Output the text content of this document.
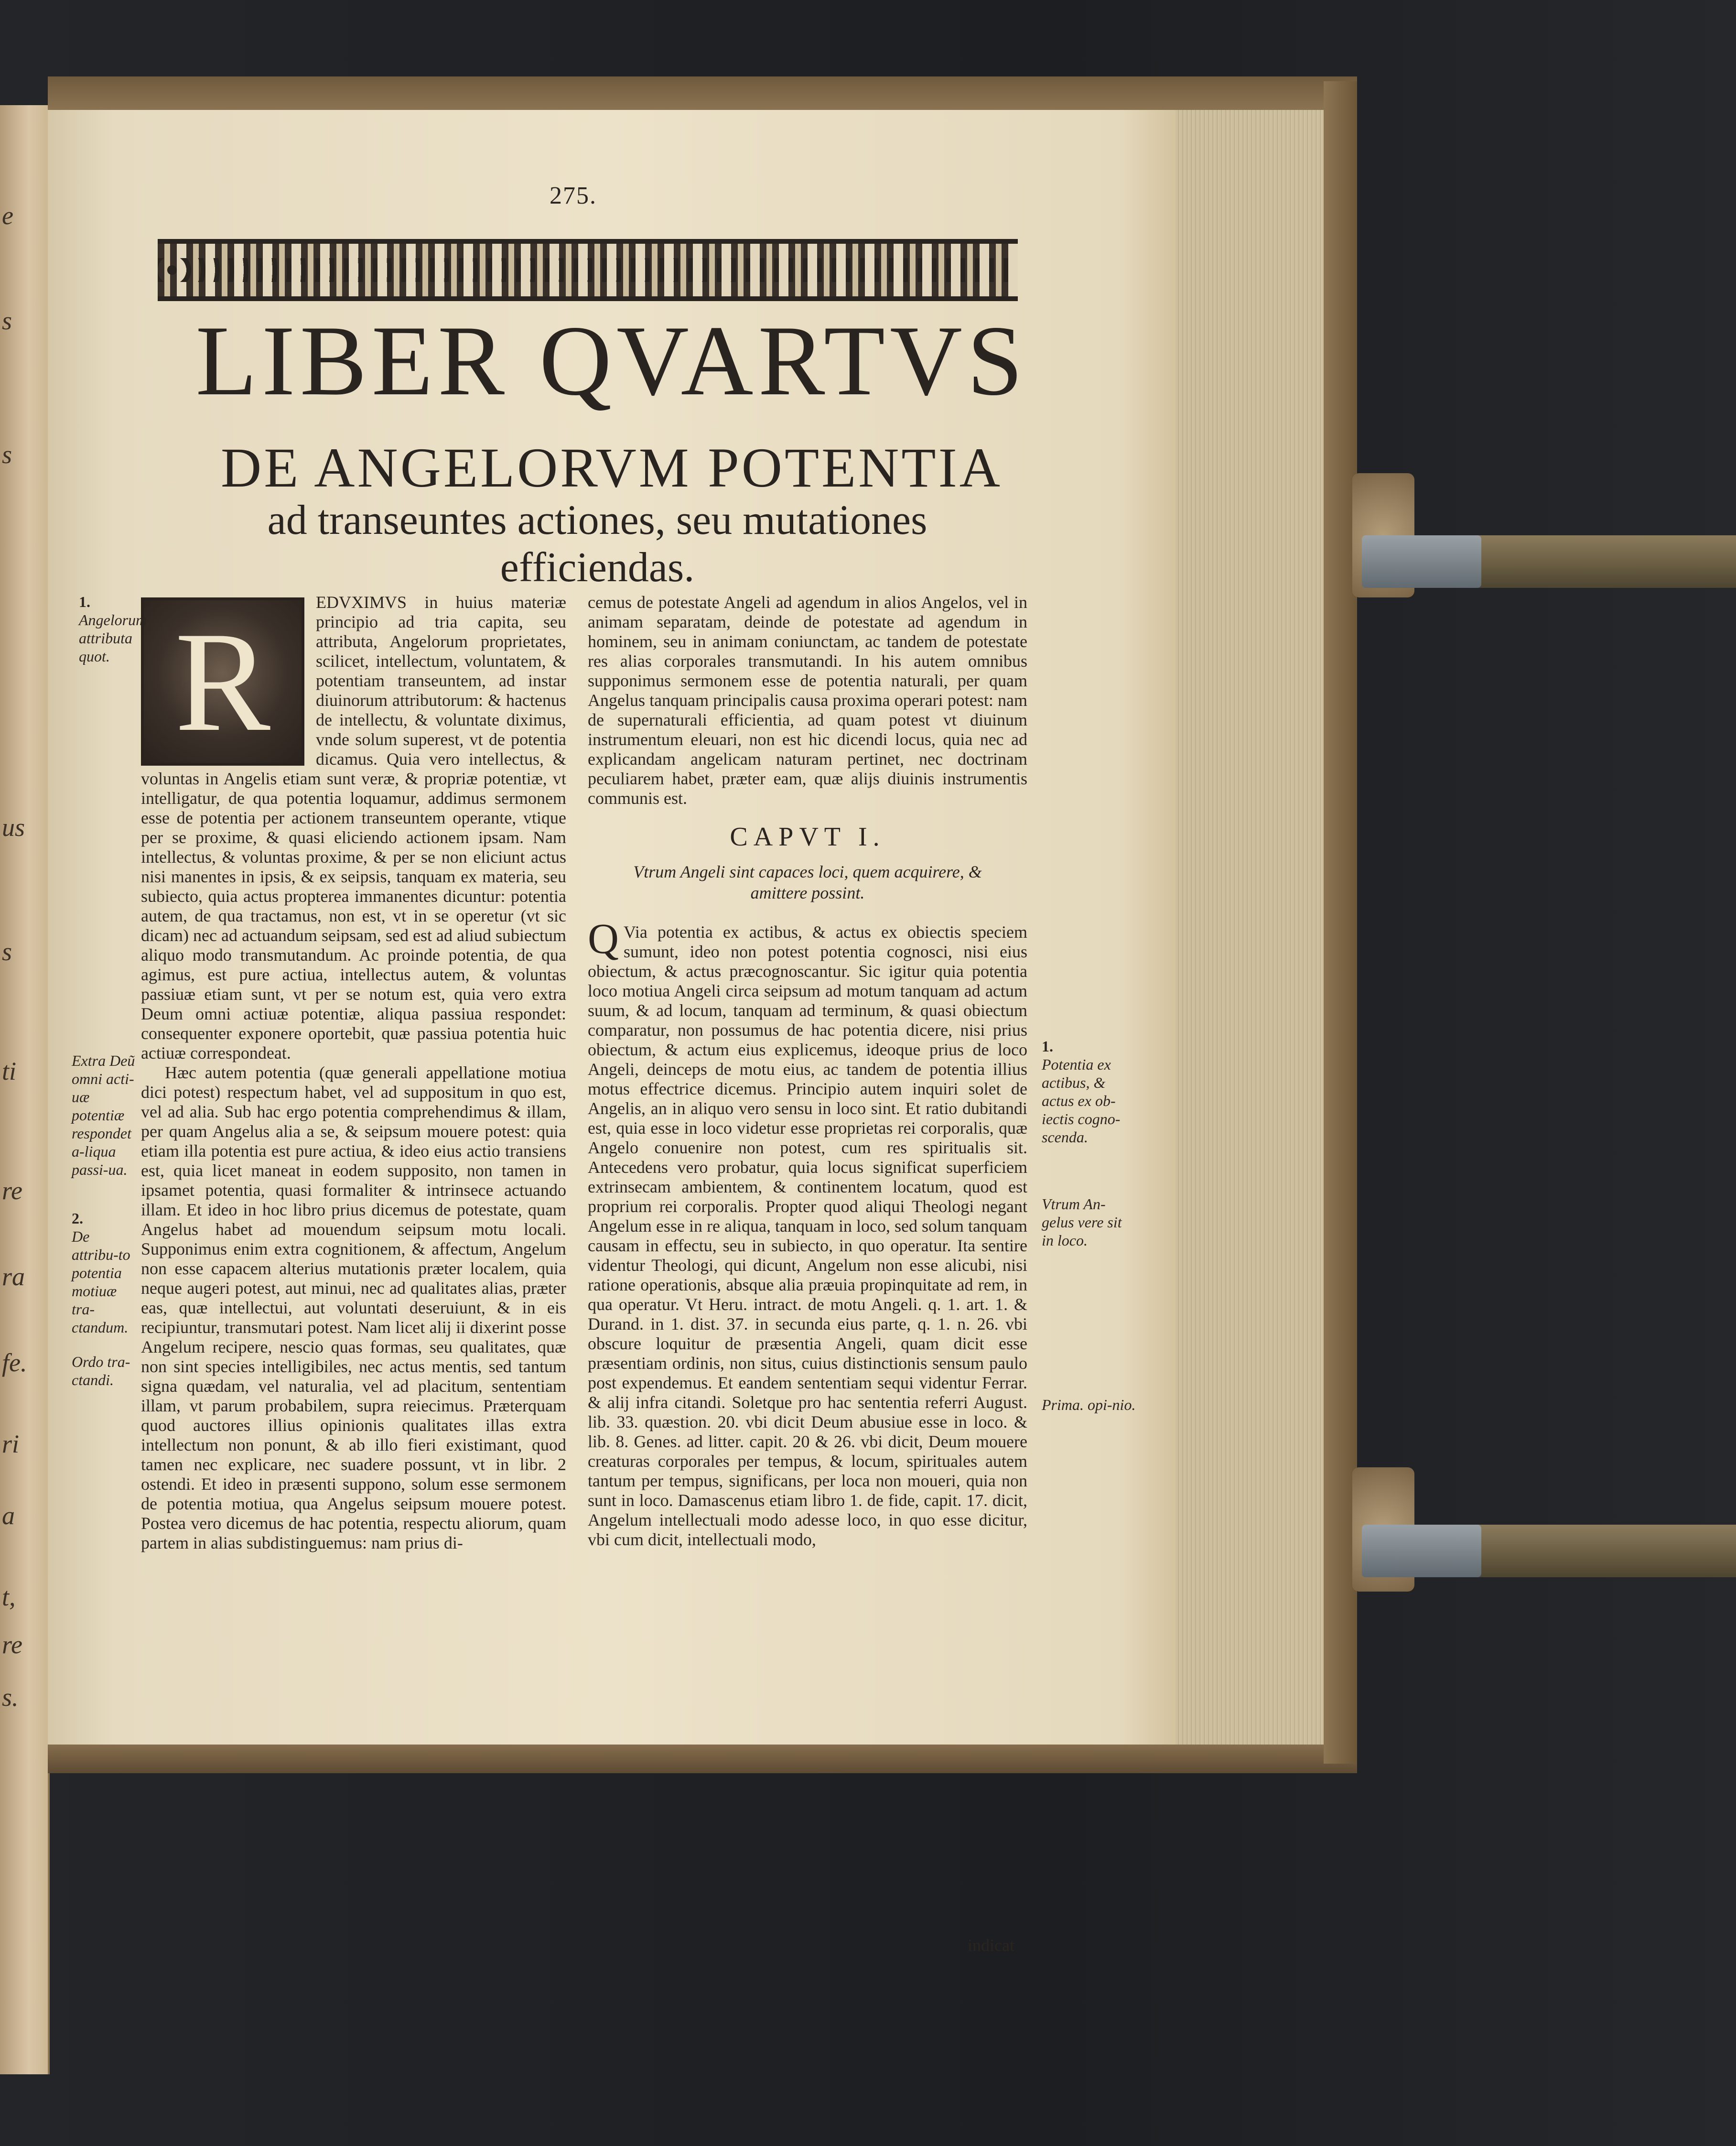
e
s
s
us
s
ti
re
ra
fe.
ri
a
t,
re
s.
275.
LIBER QVARTVS
DE ANGELORVM POTENTIA
ad transeuntes actiones, seu mutationes efficiendas.
R	EDVXIMVS in huius materiæ principio ad tria capita, seu attributa, Angelorum proprietates, scilicet, intellectum, voluntatem, & potentiam transeuntem, ad instar diuinorum attributorum: & hactenus de intellectu, & voluntate diximus, vnde solum superest, vt de potentia dicamus. Quia vero intellectus, & voluntas in Angelis etiam sunt veræ, & propriæ potentiæ, vt intelligatur, de qua potentia loquamur, addimus sermonem esse de potentia per actionem transeuntem operante, vtique per se proxime, & quasi eliciendo actionem ipsam. Nam intellectus, & voluntas proxime, & per se non eliciunt actus nisi manentes in ipsis, & ex seipsis, tanquam ex materia, seu subiecto, quia actus propterea immanentes dicuntur: potentia autem, de qua tractamus, non est, vt in se operetur (vt sic dicam) nec ad actuandum seipsam, sed est ad aliud subiectum aliquo modo transmutandum. Ac proinde potentia, de qua agimus, est pure actiua, intellectus autem, & voluntas passiuæ etiam sunt, vt per se notum est, quia vero extra Deum omni actiuæ potentiæ, aliqua passiua respondet: consequenter exponere oportebit, quæ passiua potentia huic actiuæ correspondeat.

Hæc autem potentia (quæ generali appellatione motiua dici potest) respectum habet, vel ad suppositum in quo est, vel ad alia. Sub hac ergo potentia comprehendimus & illam, per quam Angelus alia a se, & seipsum mouere potest: quia etiam illa potentia est pure actiua, & ideo eius actio transiens est, quia licet maneat in eodem supposito, non tamen in ipsamet potentia, quasi formaliter & intrinsece actuando illam. Et ideo in hoc libro prius dicemus de potestate, quam Angelus habet ad mouendum seipsum motu locali. Supponimus enim extra cognitionem, & affectum, Angelum non esse capacem alterius mutationis præter localem, quia neque augeri potest, aut minui, nec ad qualitates alias, præter eas, quæ intellectui, aut voluntati deseruiunt, & in eis recipiuntur, transmutari potest. Nam licet alij ii dixerint posse Angelum recipere, nescio quas formas, seu qualitates, quæ non sint species intelligibiles, nec actus mentis, sed tantum signa quædam, vel naturalia, vel ad placitum, sententiam illam, vt parum probabilem, supra reiecimus. Præterquam quod auctores illius opinionis qualitates illas extra intellectum non ponunt, & ab illo fieri existimant, quod tamen nec explicare, nec suadere possunt, vt in libr. 2 ostendi. Et ideo in præsenti suppono, solum esse sermonem de potentia motiua, qua Angelus seipsum mouere potest. Postea vero dicemus de hac potentia, respectu aliorum, quam partem in alias subdistinguemus: nam prius di-

cemus de potestate Angeli ad agendum in alios Angelos, vel in animam separatam, deinde de potestate ad agendum in hominem, seu in animam coniunctam, ac tandem de potestate res alias corporales transmutandi. In his autem omnibus supponimus sermonem esse de potentia naturali, per quam Angelus tanquam principalis causa proxima operari potest: nam de supernaturali efficientia, ad quam potest vt diuinum instrumentum eleuari, non est hic dicendi locus, quia nec ad explicandam angelicam naturam pertinet, nec doctrinam peculiarem habet, præter eam, quæ alijs diuinis instrumentis communis est.

CAPVT I.
Vtrum Angeli sint capaces loci, quem acquirere, & amittere possint.

Q Via potentia ex actibus, & actus ex obiectis speciem sumunt, ideo non potest potentia cognosci, nisi eius obiectum, & actus præcognoscantur. Sic igitur quia potentia loco motiua Angeli circa seipsum ad motum tanquam ad actum suum, & ad locum, tanquam ad terminum, & quasi obiectum comparatur, non possumus de hac potentia dicere, nisi prius obiectum, & actum eius explicemus, ideoque prius de loco Angeli, deinceps de motu eius, ac tandem de potentia illius motus effectrice dicemus. Principio autem inquiri solet de Angelis, an in aliquo vero sensu in loco sint. Et ratio dubitandi est, quia esse in loco videtur esse proprietas rei corporalis, quæ Angelo conuenire non potest, cum res spiritualis sit. Antecedens vero probatur, quia locus significat superficiem extrinsecam ambientem, & continentem locatum, quod est proprium rei corporalis. Propter quod aliqui Theologi negant Angelum esse in re aliqua, tanquam in loco, sed solum tanquam causam in effectu, seu in subiecto, in quo operatur. Ita sentire videntur Theologi, qui dicunt, Angelum non esse alicubi, nisi ratione operationis, absque alia præuia propinquitate ad rem, in qua operatur. Vt Heru. intract. de motu Angeli. q. 1. art. 1. & Durand. in 1. dist. 37. in secunda eius parte, q. 1. n. 26. vbi obscure loquitur de præsentia Angeli, quam dicit esse præsentiam ordinis, non situs, cuius distinctionis sensum paulo post expendemus. Et eandem sententiam sequi videntur Ferrar. & alij infra citandi. Soletque pro hac sententia referri August. lib. 33. quæstion. 20. vbi dicit Deum abusiue esse in loco. & lib. 8. Genes. ad litter. capit. 20 & 26. vbi dicit, Deum mouere creaturas corporales per tempus, & locum, spirituales autem tantum per tempus, significans, per loca non moueri, quia non sunt in loco. Damascenus etiam libro 1. de fide, capit. 17. dicit, Angelum intellectuali modo adesse loco, in quo esse dicitur, vbi cum dicit, intellectuali modo,

indicat
1.
Angelorum attributa quot.
Extra Deũ omni acti-uæ potentiæ respondet a-liqua passi-ua.
2.
De attribu-to potentia motiuæ tra-ctandum.
Ordo tra-ctandi.
1.
Potentia ex actibus, & actus ex ob-iectis cogno-scenda.
Vtrum An-gelus vere sit in loco.
Prima. opi-nio.
